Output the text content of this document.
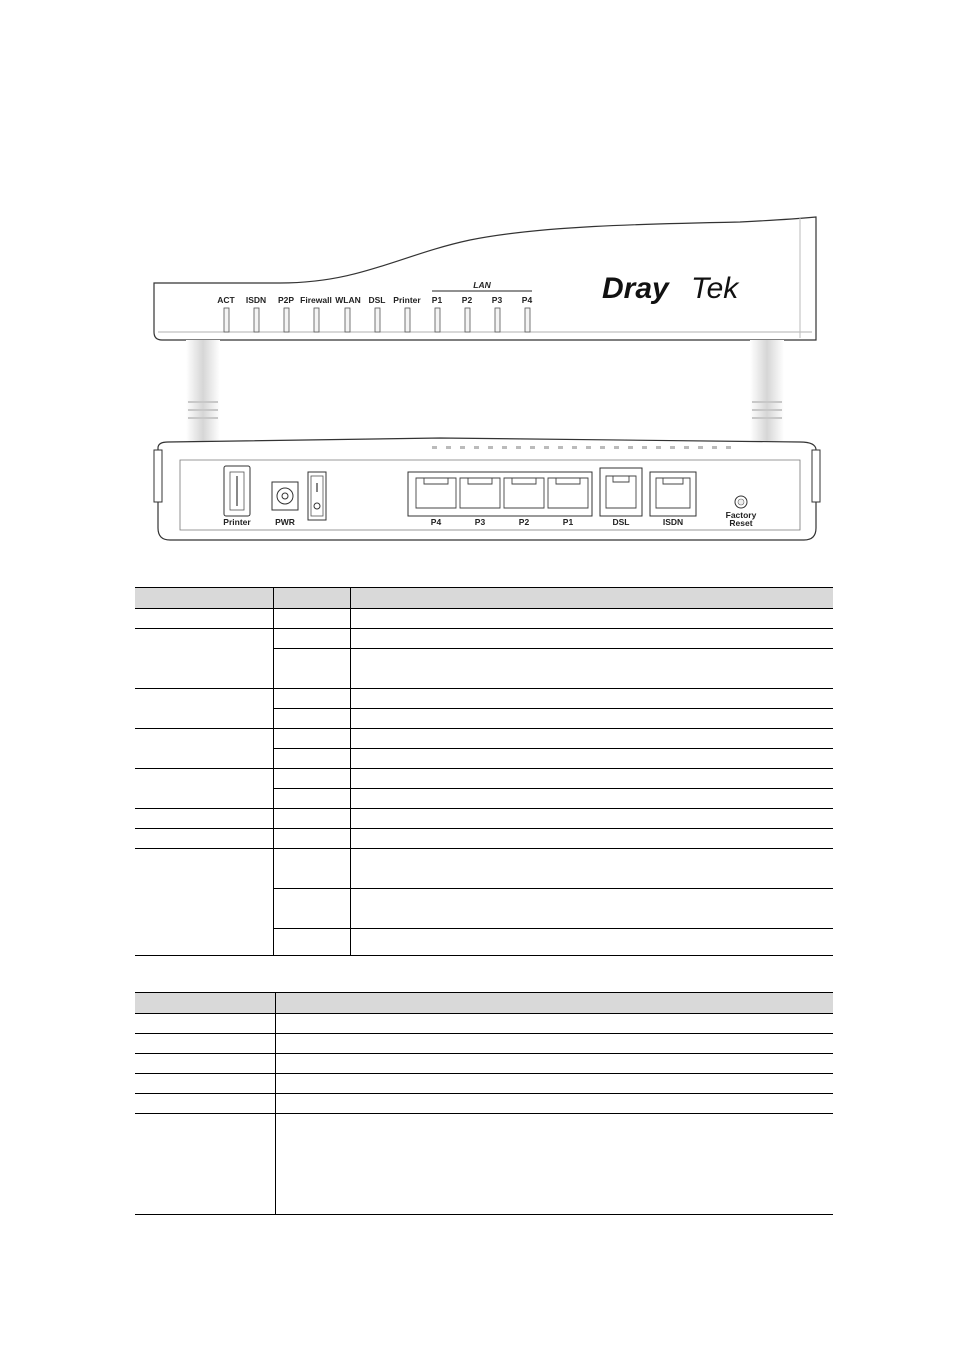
ACT ISDN P2P Firewall WLAN DSL Printer P1 P2 P3 P4
LAN	Dray Tek
Printer	PWR	P4	P3	P2	P1	DSL	ISDN
Factory
Reset
